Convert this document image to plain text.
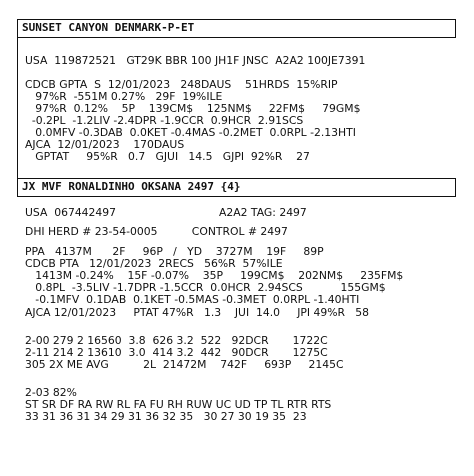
SUNSET CANYON DENMARK-P-ET
USA  119872521   GT29K BBR 100 JH1F JNSC  A2A2 100JE7391
CDCB GPTA  S  12/01/2023   248DAUS    51HRDS  15%RIP
97%R  -551M 0.27%   29F  19%ILE
97%R  0.12%    5P    139CM$    125NM$     22FM$     79GM$
-0.2PL  -1.2LIV -2.4DPR -1.9CCR  0.9HCR  2.91SCS
0.0MFV -0.3DAB  0.0KET -0.4MAS -0.2MET  0.0RPL -2.13HTI
AJCA  12/01/2023    170DAUS
GPTAT     95%R   0.7   GJUI   14.5   GJPI  92%R    27
JX MVF RONALDINHO OKSANA 2497 {4}
USA  067442497                              A2A2 TAG: 2497
DHI HERD # 23-54-0005          CONTROL # 2497
PPA   4137M      2F     96P   /   YD    3727M    19F     89P
CDCB PTA   12/01/2023  2RECS   56%R  57%ILE
1413M -0.24%    15F -0.07%    35P     199CM$    202NM$     235FM$
0.8PL  -3.5LIV -1.7DPR -1.5CCR  0.0HCR  2.94SCS           155GM$
-0.1MFV  0.1DAB  0.1KET -0.5MAS -0.3MET  0.0RPL -1.40HTI
AJCA 12/01/2023     PTAT 47%R   1.3    JUI  14.0     JPI 49%R   58
2-00 279 2 16560  3.8  626 3.2  522   92DCR       1722C
2-11 214 2 13610  3.0  414 3.2  442   90DCR       1275C
305 2X ME AVG          2L  21472M    742F     693P     2145C
2-03 82%
ST SR DF RA RW RL FA FU RH RUW UC UD TP TL RTR RTS
33 31 36 31 34 29 31 36 32 35   30 27 30 19 35  23
